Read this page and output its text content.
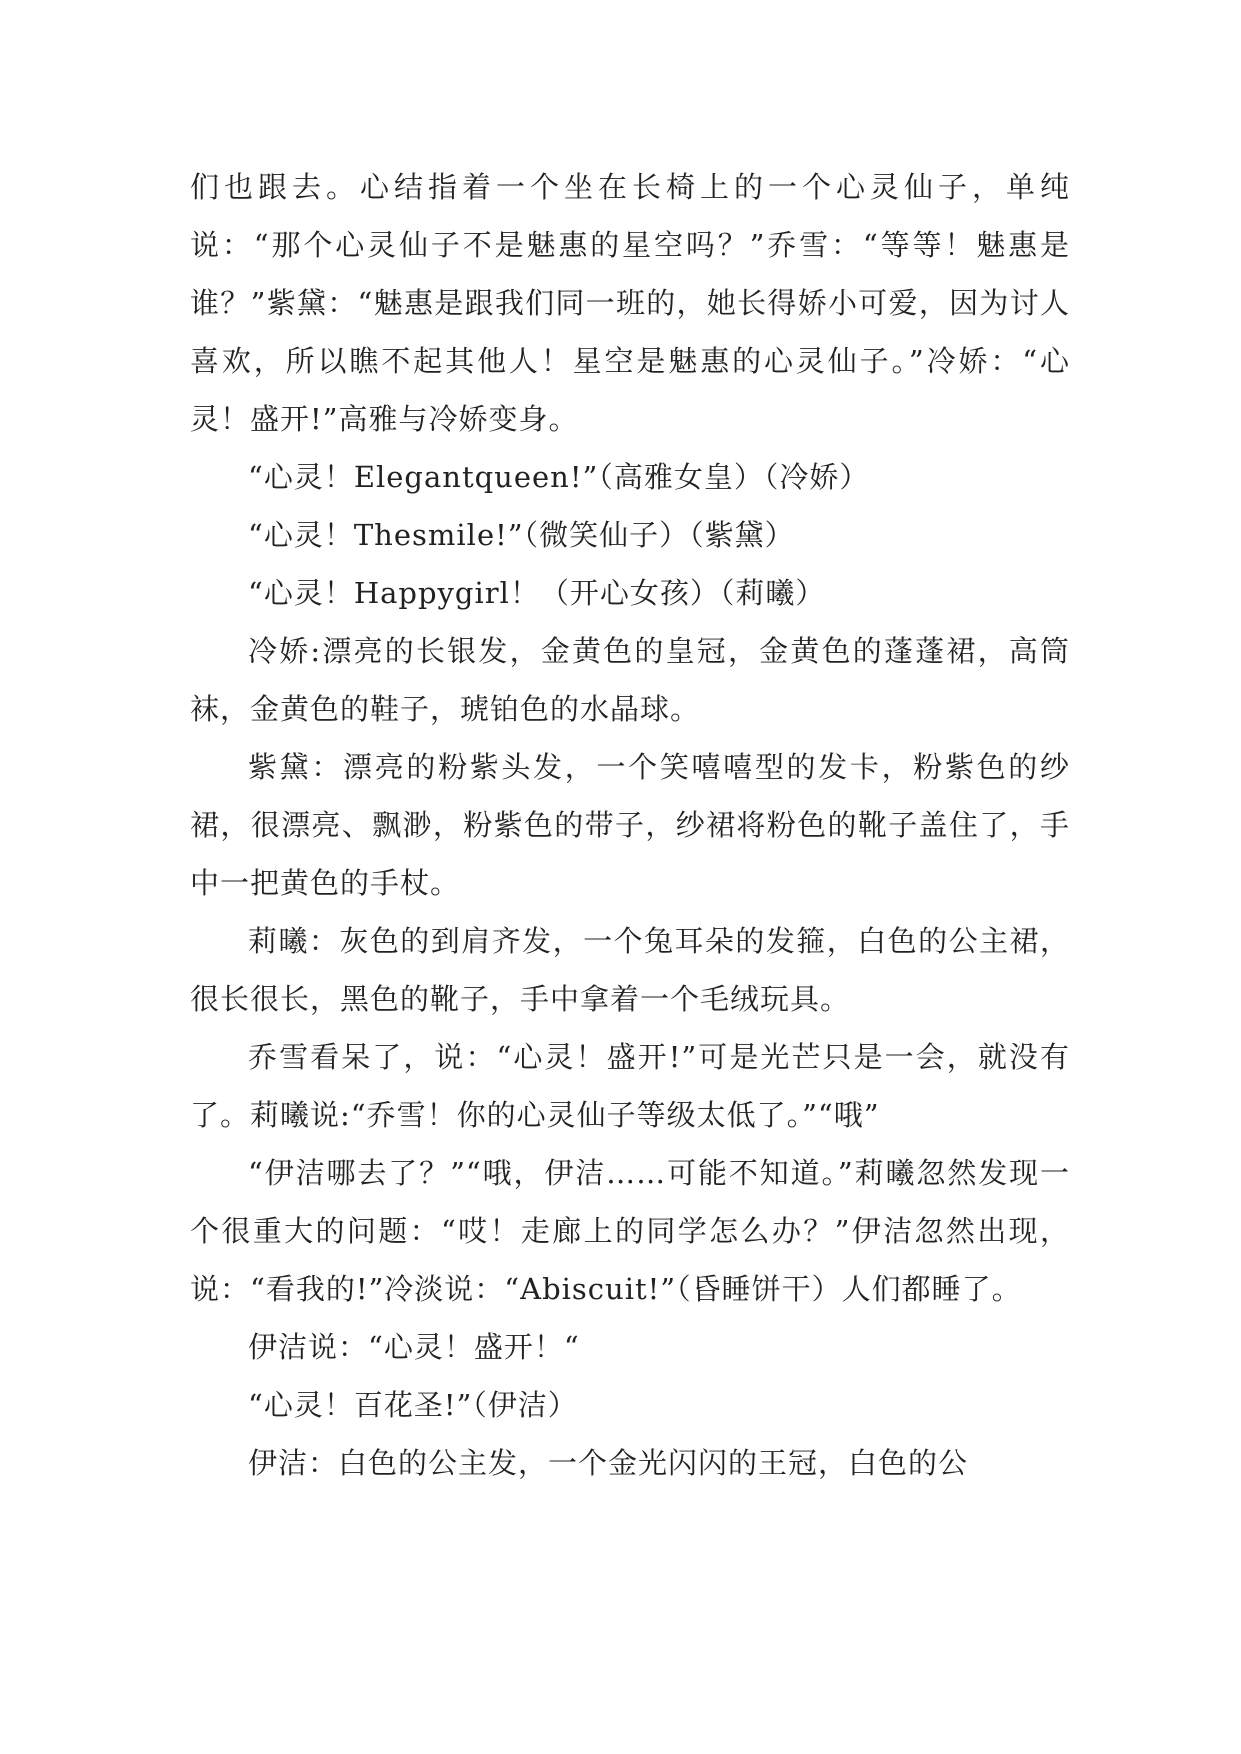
们也跟去。心结指着一个坐在长椅上的一个心灵仙子，单纯说：“那个心灵仙子不是魅惠的星空吗？”乔雪：“等等！魅惠是谁？”紫黛：“魅惠是跟我们同一班的，她长得娇小可爱，因为讨人喜欢，所以瞧不起其他人！星空是魅惠的心灵仙子。”冷娇：“心灵！盛开!”高雅与冷娇变身。

“心灵！Elegantqueen!”（高雅女皇）（冷娇）

“心灵！Thesmile!”（微笑仙子）（紫黛）

“心灵！Happygirl！（开心女孩）（莉曦）

冷娇:漂亮的长银发，金黄色的皇冠，金黄色的蓬蓬裙，高筒袜，金黄色的鞋子，琥铂色的水晶球。

紫黛：漂亮的粉紫头发，一个笑嘻嘻型的发卡，粉紫色的纱裙，很漂亮、飘渺，粉紫色的带子，纱裙将粉色的靴子盖住了，手中一把黄色的手杖。

莉曦：灰色的到肩齐发，一个兔耳朵的发箍，白色的公主裙，很长很长，黑色的靴子，手中拿着一个毛绒玩具。

乔雪看呆了，说：“心灵！盛开!”可是光芒只是一会，就没有了。莉曦说:“乔雪！你的心灵仙子等级太低了。”“哦”

“伊洁哪去了？”“哦，伊洁……可能不知道。”莉曦忽然发现一个很重大的问题：“哎！走廊上的同学怎么办？”伊洁忽然出现，说：“看我的!”冷淡说：“Abiscuit!”（昏睡饼干）人们都睡了。

伊洁说：“心灵！盛开！“

“心灵！百花圣!”（伊洁）

伊洁：白色的公主发，一个金光闪闪的王冠，白色的公
